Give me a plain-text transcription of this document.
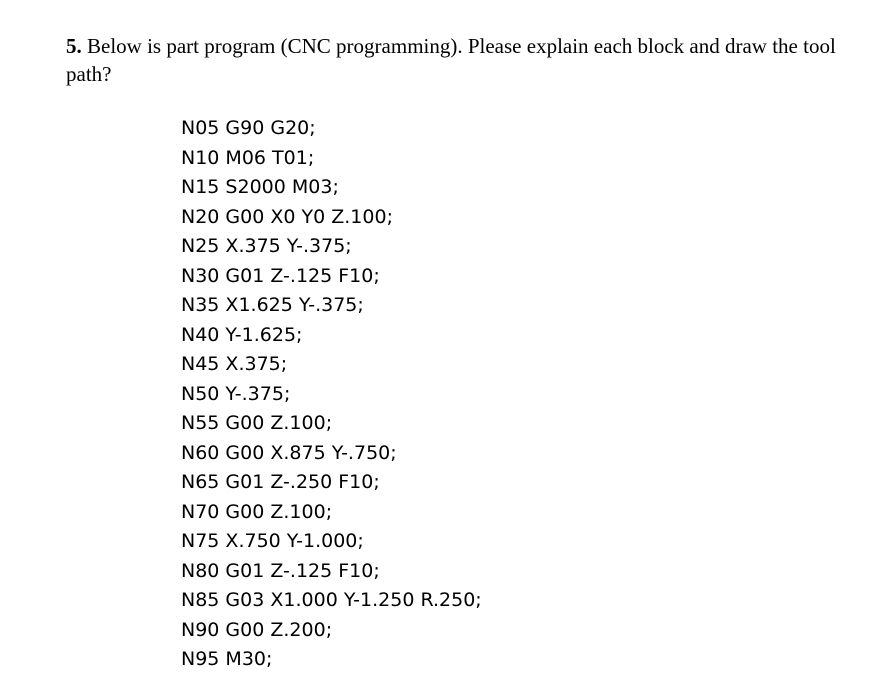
5. Below is part program (CNC programming). Please explain each block and draw the tool path?

N05 G90 G20;
N10 M06 T01;
N15 S2000 M03;
N20 G00 X0 Y0 Z.100;
N25 X.375 Y-.375;
N30 G01 Z-.125 F10;
N35 X1.625 Y-.375;
N40 Y-1.625;
N45 X.375;
N50 Y-.375;
N55 G00 Z.100;
N60 G00 X.875 Y-.750;
N65 G01 Z-.250 F10;
N70 G00 Z.100;
N75 X.750 Y-1.000;
N80 G01 Z-.125 F10;
N85 G03 X1.000 Y-1.250 R.250;
N90 G00 Z.200;
N95 M30;
